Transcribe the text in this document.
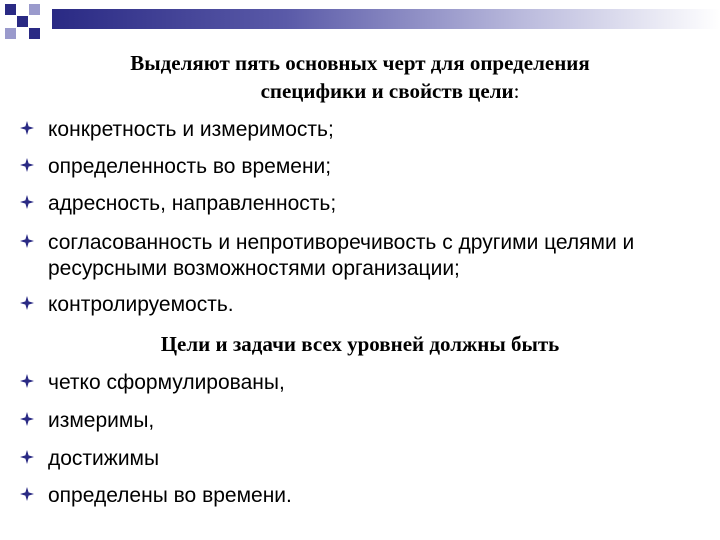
Выделяют пять основных черт для определения
специфики и свойств цели:
конкретность и измеримость;
определенность во времени;
адресность, направленность;
согласованность и непротиворечивость с другими целями и ресурсными возможностями организации;
контролируемость.
Цели и задачи всех уровней должны быть
четко сформулированы,
измеримы,
достижимы
определены во времени.
